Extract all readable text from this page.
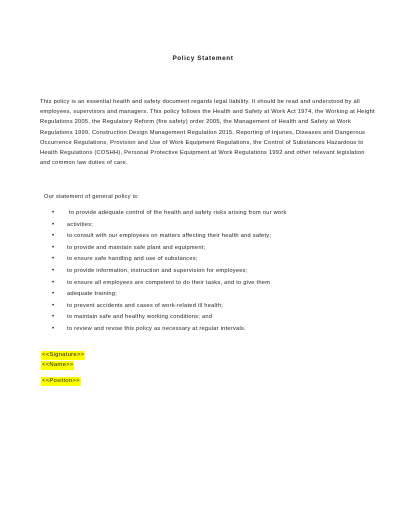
Policy Statement

This policy is an essential health and safety document regards legal liability. It should be read and understood by all employees, supervisors and managers. This policy follows the Health and Safety at Work Act 1974, the Working at Height Regulations 2005, the Regulatory Reform (fire safety) order 2005, the Management of Health and Safety at Work Regulations 1999, Construction Design Management Regulation 2015, Reporting of Injuries, Diseases and Dangerous Occurrence Regulations, Provision and Use of Work Equipment Regulations, the Control of Substances Hazardous to Health Regulations (COSHH), Personal Protective Equipment at Work Regulations 1992 and other relevant legislation and common law duties of care.

Our statement of general policy is:
•	to provide adequate control of the health and safety risks arising from our work
• activities;
• to consult with our employees on matters affecting their health and safety;
• to provide and maintain safe plant and equipment;
• to ensure safe handling and use of substances;
• to provide information, instruction and supervision for employees;
• to ensure all employees are competent to do their tasks, and to give them
• adequate training;
• to prevent accidents and cases of work-related ill health;
• to maintain safe and healthy working conditions; and
• to review and revise this policy as necessary at regular intervals.
<<Signature>>
<<Name>>
<<Position>>
